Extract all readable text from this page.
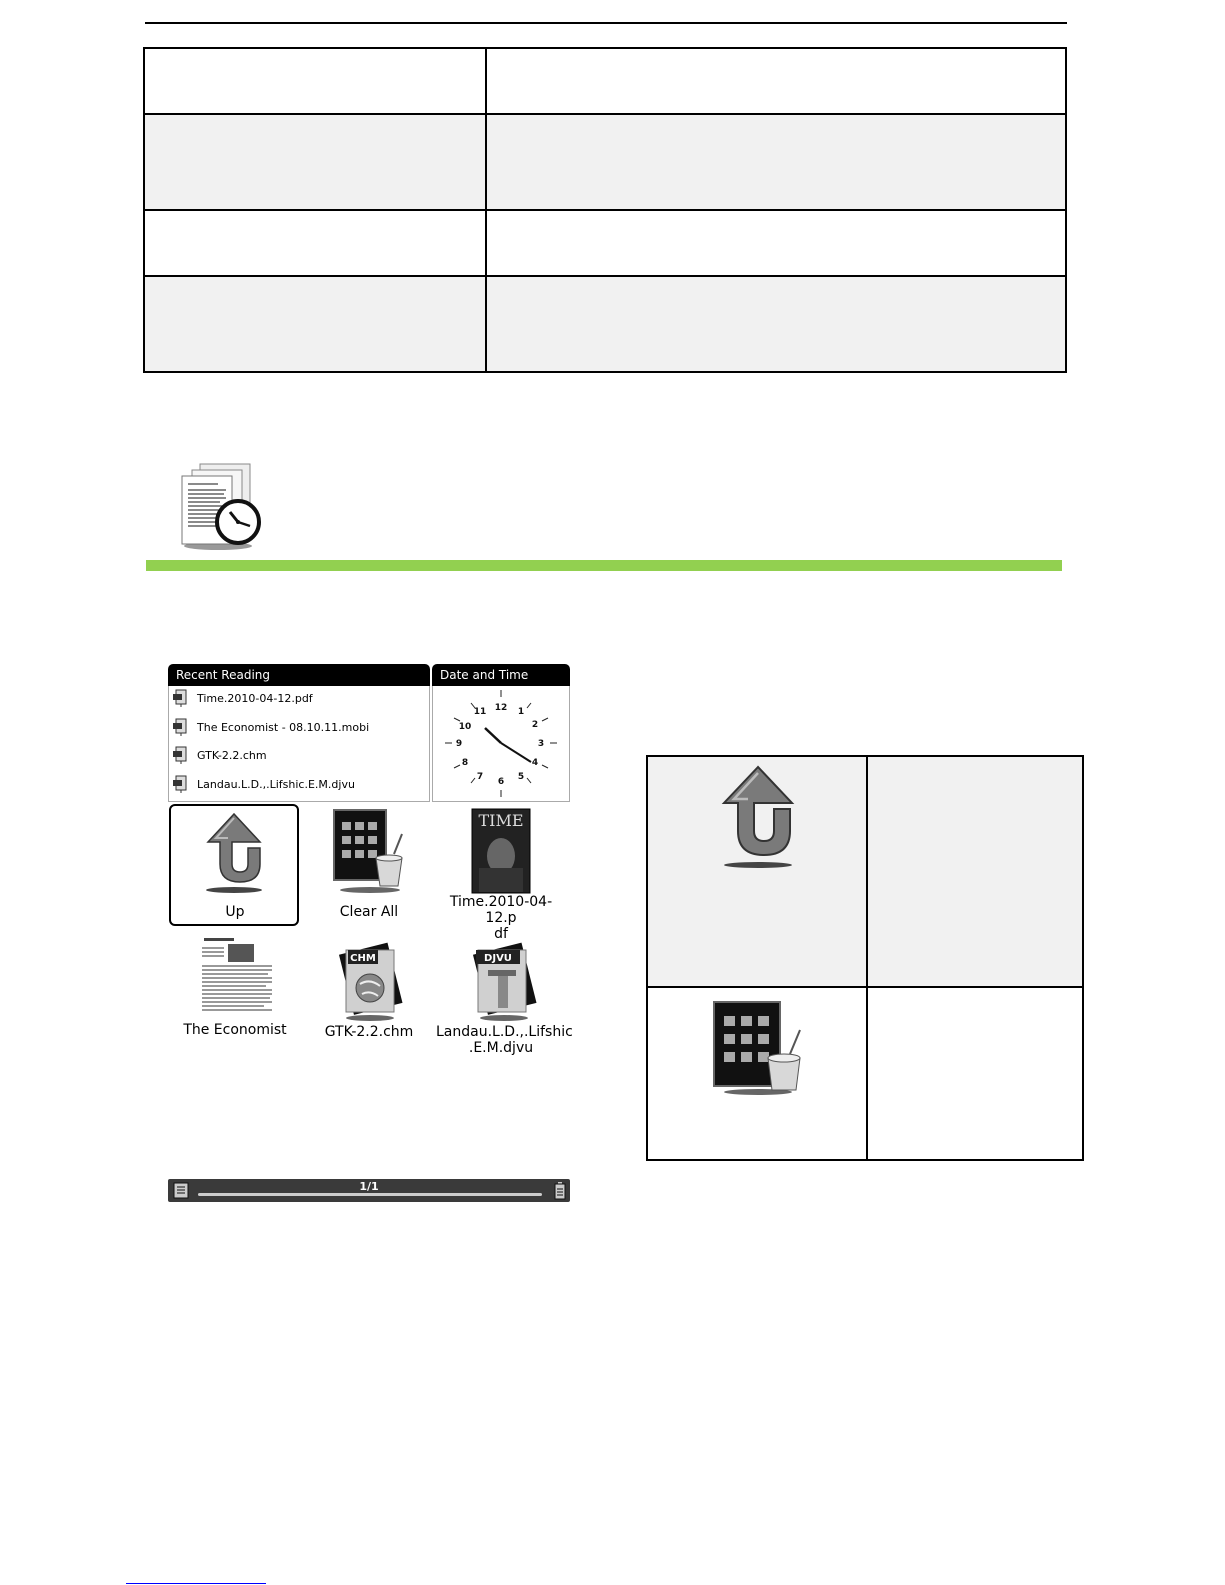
Recent Reading	Date and Time
Time.2010-04-12.pdf
The Economist - 08.10.11.mobi
GTK-2.2.chm
Landau.L.D.,.Lifshic.E.M.djvu
12 1
2
3
4
5
6
7
8
9
10
11
Up	Clear All
TIME
Time.2010-04-12.p
df
The Economist
CHM
GTK-2.2.chm
DJVU
Landau.L.D.,.Lifshic
.E.M.djvu
1/1
